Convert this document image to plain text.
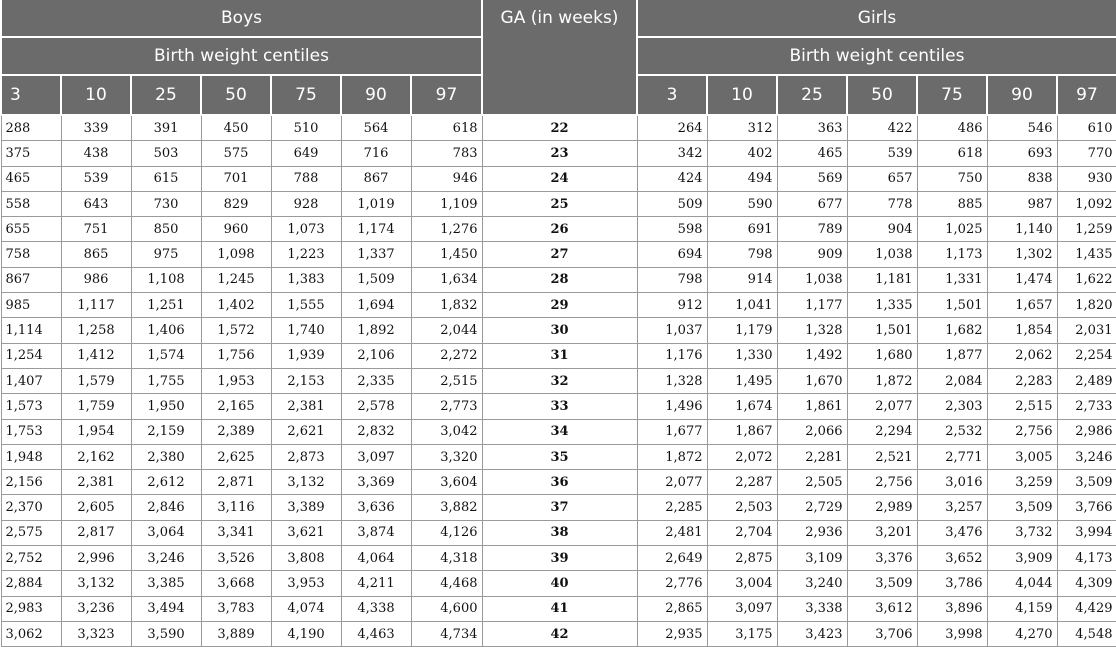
Boys							GA (in weeks)	Girls						
Birth weight centiles								Birth weight centiles						
3	10	25	50	75	90	97		3	10	25	50	75	90	97
288	339	391	450	510	564	618	22	264	312	363	422	486	546	610
375	438	503	575	649	716	783	23	342	402	465	539	618	693	770
465	539	615	701	788	867	946	24	424	494	569	657	750	838	930
558	643	730	829	928	1,019	1,109	25	509	590	677	778	885	987	1,092
655	751	850	960	1,073	1,174	1,276	26	598	691	789	904	1,025	1,140	1,259
758	865	975	1,098	1,223	1,337	1,450	27	694	798	909	1,038	1,173	1,302	1,435
867	986	1,108	1,245	1,383	1,509	1,634	28	798	914	1,038	1,181	1,331	1,474	1,622
985	1,117	1,251	1,402	1,555	1,694	1,832	29	912	1,041	1,177	1,335	1,501	1,657	1,820
1,114	1,258	1,406	1,572	1,740	1,892	2,044	30	1,037	1,179	1,328	1,501	1,682	1,854	2,031
1,254	1,412	1,574	1,756	1,939	2,106	2,272	31	1,176	1,330	1,492	1,680	1,877	2,062	2,254
1,407	1,579	1,755	1,953	2,153	2,335	2,515	32	1,328	1,495	1,670	1,872	2,084	2,283	2,489
1,573	1,759	1,950	2,165	2,381	2,578	2,773	33	1,496	1,674	1,861	2,077	2,303	2,515	2,733
1,753	1,954	2,159	2,389	2,621	2,832	3,042	34	1,677	1,867	2,066	2,294	2,532	2,756	2,986
1,948	2,162	2,380	2,625	2,873	3,097	3,320	35	1,872	2,072	2,281	2,521	2,771	3,005	3,246
2,156	2,381	2,612	2,871	3,132	3,369	3,604	36	2,077	2,287	2,505	2,756	3,016	3,259	3,509
2,370	2,605	2,846	3,116	3,389	3,636	3,882	37	2,285	2,503	2,729	2,989	3,257	3,509	3,766
2,575	2,817	3,064	3,341	3,621	3,874	4,126	38	2,481	2,704	2,936	3,201	3,476	3,732	3,994
2,752	2,996	3,246	3,526	3,808	4,064	4,318	39	2,649	2,875	3,109	3,376	3,652	3,909	4,173
2,884	3,132	3,385	3,668	3,953	4,211	4,468	40	2,776	3,004	3,240	3,509	3,786	4,044	4,309
2,983	3,236	3,494	3,783	4,074	4,338	4,600	41	2,865	3,097	3,338	3,612	3,896	4,159	4,429
3,062	3,323	3,590	3,889	4,190	4,463	4,734	42	2,935	3,175	3,423	3,706	3,998	4,270	4,548
